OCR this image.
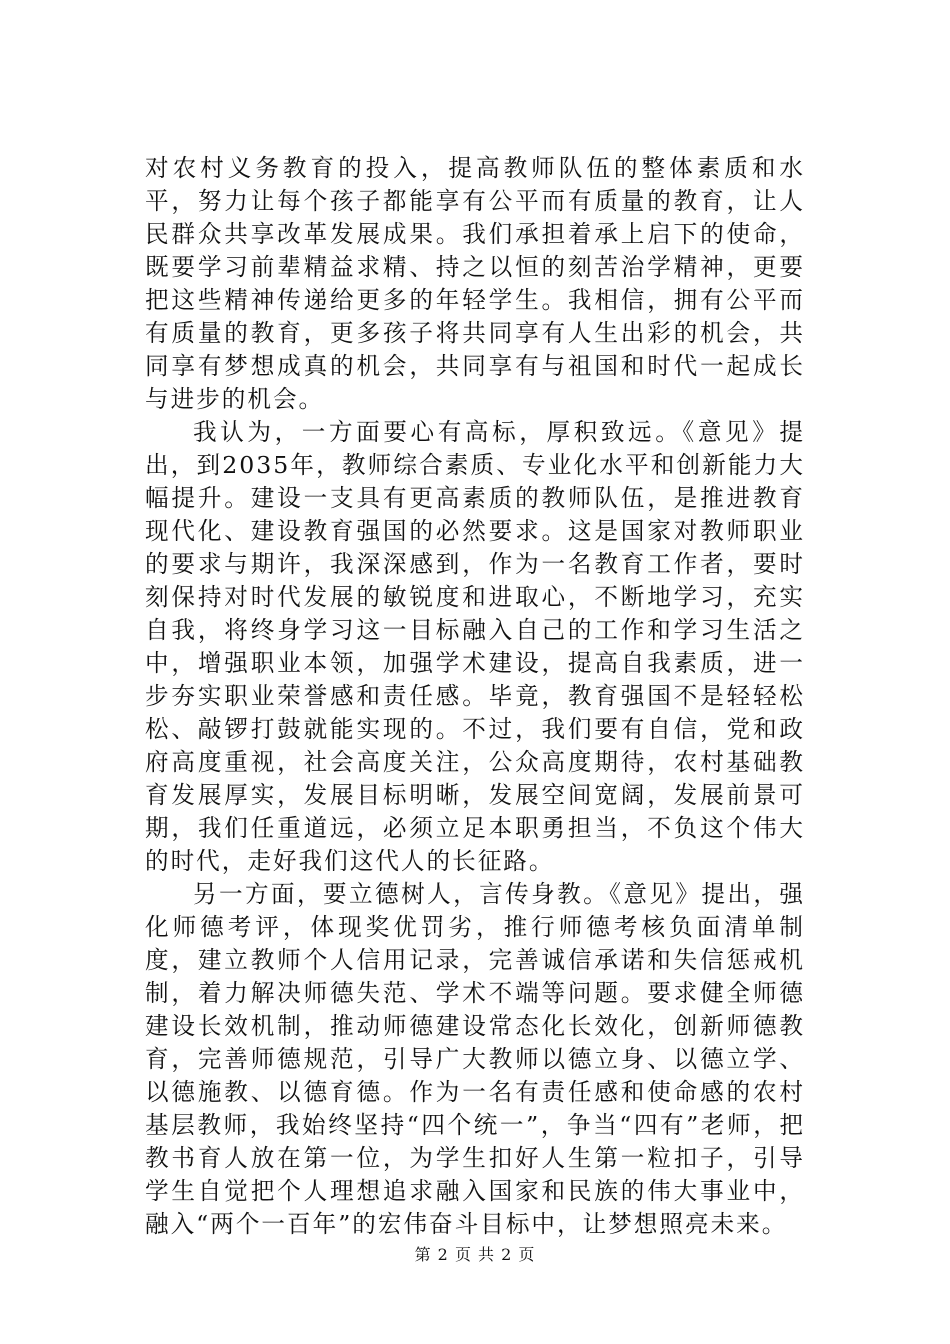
对农村义务教育的投入，提高教师队伍的整体素质和水平，努力让每个孩子都能享有公平而有质量的教育，让人民群众共享改革发展成果。我们承担着承上启下的使命，既要学习前辈精益求精、持之以恒的刻苦治学精神，更要把这些精神传递给更多的年轻学生。我相信，拥有公平而有质量的教育，更多孩子将共同享有人生出彩的机会，共同享有梦想成真的机会，共同享有与祖国和时代一起成长与进步的机会。

我认为，一方面要心有高标，厚积致远。《意见》提出，到2035年，教师综合素质、专业化水平和创新能力大幅提升。建设一支具有更高素质的教师队伍，是推进教育现代化、建设教育强国的必然要求。这是国家对教师职业的要求与期许，我深深感到，作为一名教育工作者，要时刻保持对时代发展的敏锐度和进取心，不断地学习，充实自我，将终身学习这一目标融入自己的工作和学习生活之中，增强职业本领，加强学术建设，提高自我素质，进一步夯实职业荣誉感和责任感。毕竟，教育强国不是轻轻松松、敲锣打鼓就能实现的。不过，我们要有自信，党和政府高度重视，社会高度关注，公众高度期待，农村基础教育发展厚实，发展目标明晰，发展空间宽阔，发展前景可期，我们任重道远，必须立足本职勇担当，不负这个伟大的时代，走好我们这代人的长征路。

另一方面，要立德树人，言传身教。《意见》提出，强化师德考评，体现奖优罚劣，推行师德考核负面清单制度，建立教师个人信用记录，完善诚信承诺和失信惩戒机制，着力解决师德失范、学术不端等问题。要求健全师德建设长效机制，推动师德建设常态化长效化，创新师德教育，完善师德规范，引导广大教师以德立身、以德立学、以德施教、以德育德。作为一名有责任感和使命感的农村基层教师，我始终坚持“四个统一”，争当“四有”老师，把教书育人放在第一位，为学生扣好人生第一粒扣子，引导学生自觉把个人理想追求融入国家和民族的伟大事业中，融入“两个一百年”的宏伟奋斗目标中，让梦想照亮未来。

第 2 页 共 2 页
